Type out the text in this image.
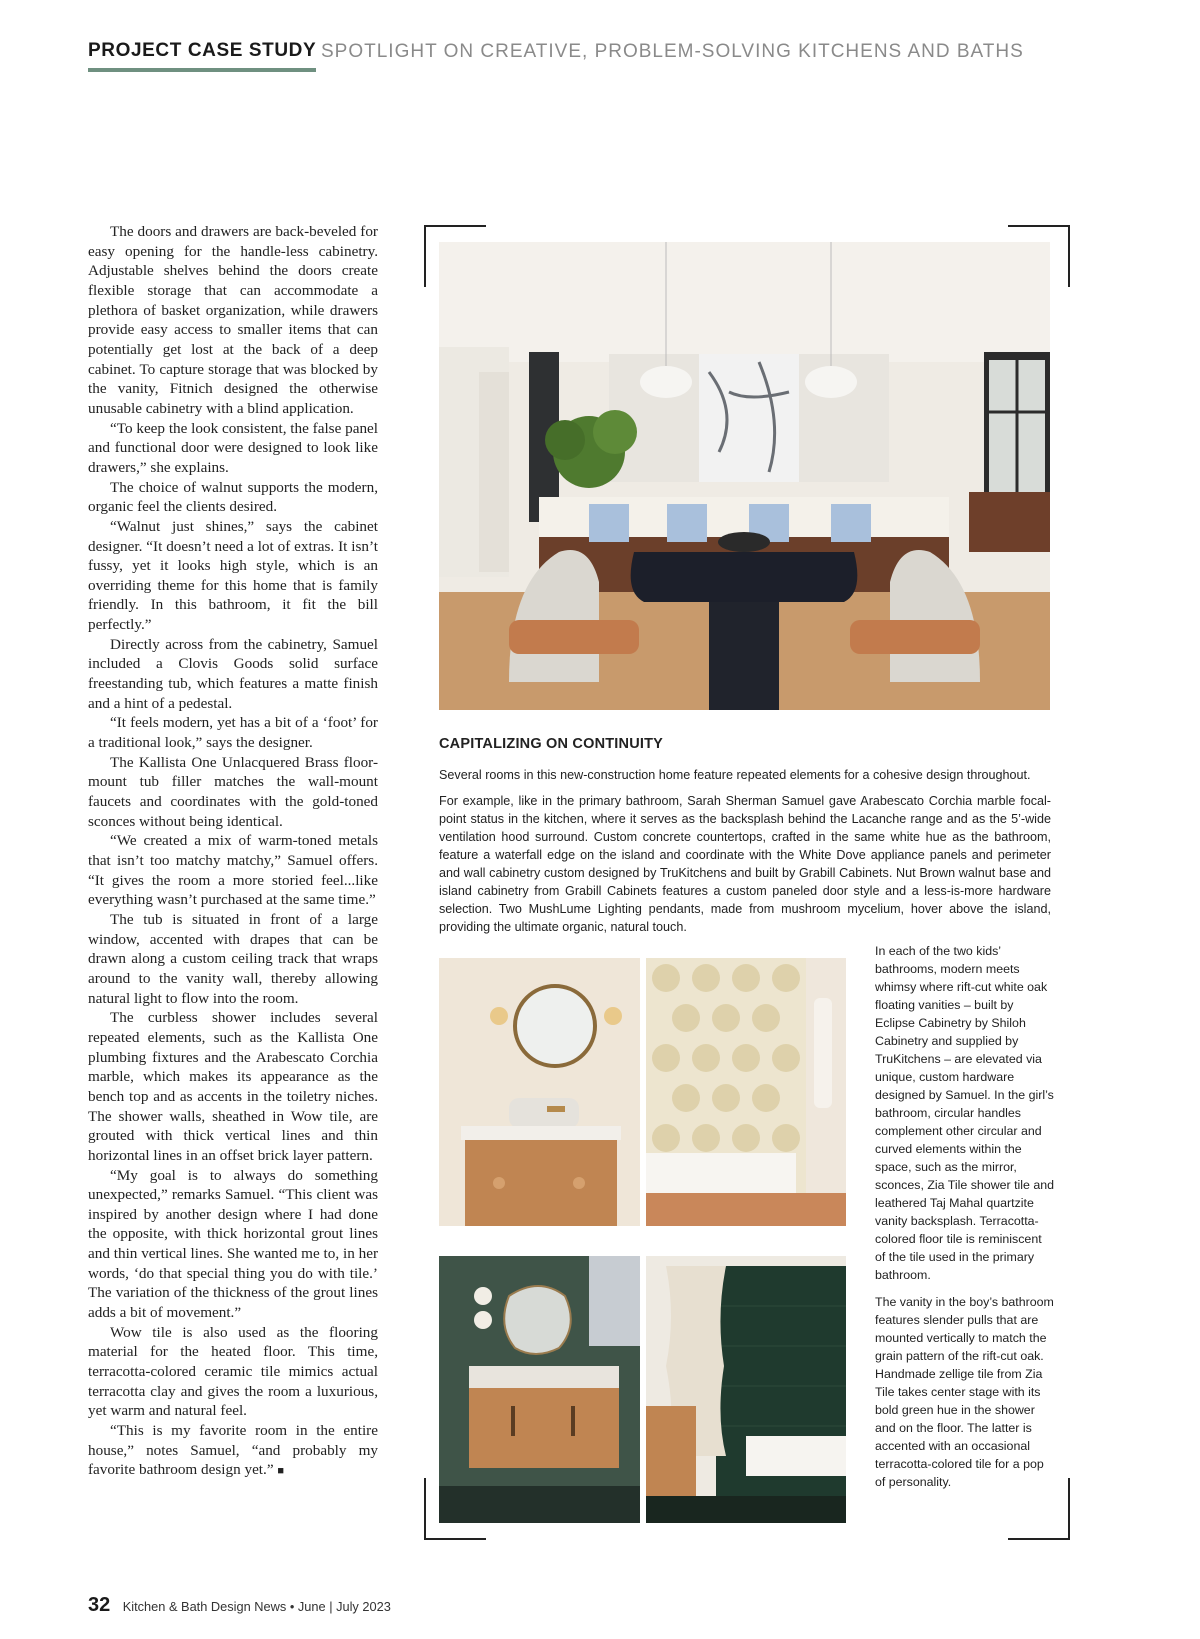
PROJECT CASE STUDY SPOTLIGHT ON CREATIVE, PROBLEM-SOLVING KITCHENS AND BATHS

The doors and drawers are back-beveled for easy opening for the handle-less cabinetry. Adjustable shelves behind the doors create flexible storage that can accommodate a plethora of basket organization, while drawers provide easy access to smaller items that can potentially get lost at the back of a deep cabinet. To capture storage that was blocked by the vanity, Fitnich designed the otherwise unusable cabinetry with a blind application.

“To keep the look consistent, the false panel and functional door were designed to look like drawers,” she explains.

The choice of walnut supports the modern, organic feel the clients desired.

“Walnut just shines,” says the cabinet designer. “It doesn’t need a lot of extras. It isn’t fussy, yet it looks high style, which is an overriding theme for this home that is family friendly. In this bathroom, it fit the bill perfectly.”

Directly across from the cabinetry, Samuel included a Clovis Goods solid surface freestanding tub, which features a matte finish and a hint of a pedestal.

“It feels modern, yet has a bit of a ‘foot’ for a traditional look,” says the designer.

The Kallista One Unlacquered Brass floor-mount tub filler matches the wall-mount faucets and coordinates with the gold-toned sconces without being identical.

“We created a mix of warm-toned metals that isn’t too matchy matchy,” Samuel offers. “It gives the room a more storied feel...like everything wasn’t purchased at the same time.”

The tub is situated in front of a large window, accented with drapes that can be drawn along a custom ceiling track that wraps around to the vanity wall, thereby allowing natural light to flow into the room.

The curbless shower includes several repeated elements, such as the Kallista One plumbing fixtures and the Arabescato Corchia marble, which makes its appearance as the bench top and as accents in the toiletry niches. The shower walls, sheathed in Wow tile, are grouted with thick vertical lines and thin horizontal lines in an offset brick layer pattern.

“My goal is to always do something unexpected,” remarks Samuel. “This client was inspired by another design where I had done the opposite, with thick horizontal grout lines and thin vertical lines. She wanted me to, in her words, ‘do that special thing you do with tile.’ The variation of the thickness of the grout lines adds a bit of movement.”

Wow tile is also used as the flooring material for the heated floor. This time, terracotta-colored ceramic tile mimics actual terracotta clay and gives the room a luxurious, yet warm and natural feel.

“This is my favorite room in the entire house,” notes Samuel, “and probably my favorite bathroom design yet.” ■

CAPITALIZING ON CONTINUITY

Several rooms in this new-construction home feature repeated elements for a cohesive design throughout.

For example, like in the primary bathroom, Sarah Sherman Samuel gave Arabescato Corchia marble focal-point status in the kitchen, where it serves as the backsplash behind the Lacanche range and as the 5’-wide ventilation hood surround. Custom concrete countertops, crafted in the same white hue as the bathroom, feature a waterfall edge on the island and coordinate with the White Dove appliance panels and perimeter and wall cabinetry custom designed by TruKitchens and built by Grabill Cabinets. Nut Brown walnut base and island cabinetry from Grabill Cabinets features a custom paneled door style and a less-is-more hardware selection. Two MushLume Lighting pendants, made from mushroom mycelium, hover above the island, providing the ultimate organic, natural touch.

In each of the two kids’ bathrooms, modern meets whimsy where rift-cut white oak floating vanities – built by Eclipse Cabinetry by Shiloh Cabinetry and supplied by TruKitchens – are elevated via unique, custom hardware designed by Samuel. In the girl’s bathroom, circular handles complement other circular and curved elements within the space, such as the mirror, sconces, Zia Tile shower tile and leathered Taj Mahal quartzite vanity backsplash. Terracotta-colored floor tile is reminiscent of the tile used in the primary bathroom.

The vanity in the boy’s bathroom features slender pulls that are mounted vertically to match the grain pattern of the rift-cut oak. Handmade zellige tile from Zia Tile takes center stage with its bold green hue in the shower and on the floor. The latter is accented with an occasional terracotta-colored tile for a pop of personality.

32 Kitchen & Bath Design News • June | July 2023
